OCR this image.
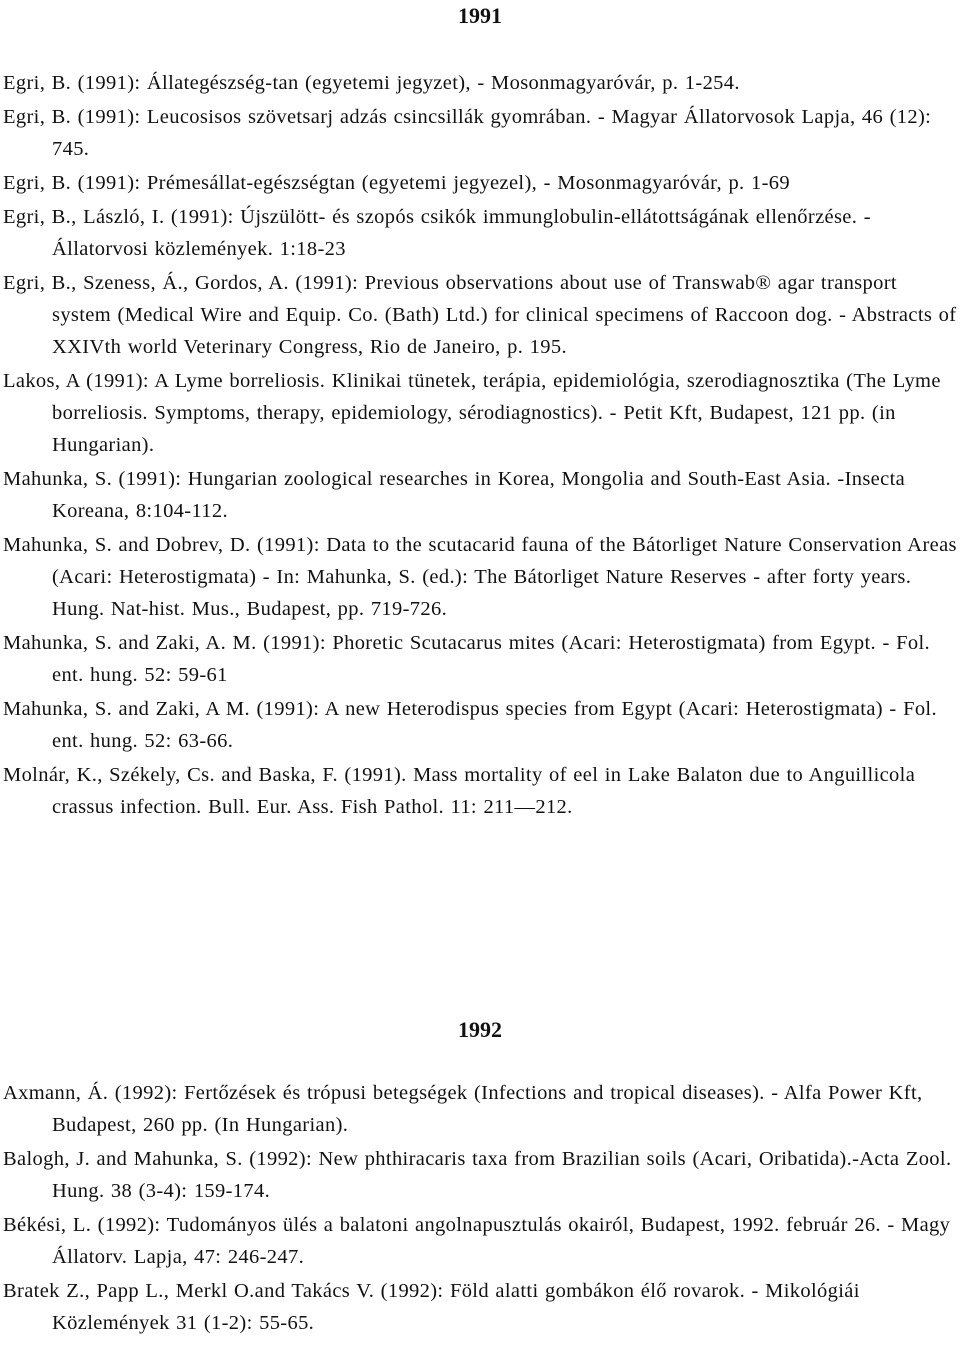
1991
Egri, B. (1991): Állategészség-tan (egyetemi jegyzet), - Mosonmagyaróvár, p. 1-254.
Egri, B. (1991): Leucosisos szövetsarj adzás csincsillák gyomrában. - Magyar Állatorvosok Lapja, 46 (12): 745.
Egri, B. (1991): Prémesállat-egészségtan (egyetemi jegyezel), - Mosonmagyaróvár, p. 1-69
Egri, B., László, I. (1991): Újszülött- és szopós csikók immunglobulin-ellátottságának ellenőrzése. - Állatorvosi közlemények. 1:18-23
Egri, B., Szeness, Á., Gordos, A. (1991): Previous observations about use of Transwab® agar transport system (Medical Wire and Equip. Co. (Bath) Ltd.) for clinical specimens of Raccoon dog. - Abstracts of XXIVth world Veterinary Congress, Rio de Janeiro, p. 195.
Lakos, A (1991): A Lyme borreliosis. Klinikai tünetek, terápia, epidemiológia, szerodiagnosztika (The Lyme borreliosis. Symptoms, therapy, epidemiology, sérodiagnostics). - Petit Kft, Budapest, 121 pp. (in Hungarian).
Mahunka, S. (1991): Hungarian zoological researches in Korea, Mongolia and South-East Asia. -Insecta Koreana, 8:104-112.
Mahunka, S. and Dobrev, D. (1991): Data to the scutacarid fauna of the Bátorliget Nature Conservation Areas (Acari: Heterostigmata) - In: Mahunka, S. (ed.): The Bátorliget Nature Reserves - after forty years. Hung. Nat-hist. Mus., Budapest, pp. 719-726.
Mahunka, S. and Zaki, A. M. (1991): Phoretic Scutacarus mites (Acari: Heterostigmata) from Egypt. - Fol. ent. hung. 52: 59-61
Mahunka, S. and Zaki, A M. (1991): A new Heterodispus species from Egypt (Acari: Heterostigmata) - Fol. ent. hung. 52: 63-66.
Molnár, K., Székely, Cs. and Baska, F. (1991). Mass mortality of eel in Lake Balaton due to Anguillicola crassus infection. Bull. Eur. Ass. Fish Pathol. 11: 211—212.
1992
Axmann, Á. (1992): Fertőzések és trópusi betegségek (Infections and tropical diseases). - Alfa Power Kft, Budapest, 260 pp. (In Hungarian).
Balogh, J. and Mahunka, S. (1992): New phthiracaris taxa from Brazilian soils (Acari, Oribatida).-Acta Zool. Hung. 38 (3-4): 159-174.
Békési, L. (1992): Tudományos ülés a balatoni angolnapusztulás okairól, Budapest, 1992. február 26. - Magy Állatorv. Lapja, 47: 246-247.
Bratek Z., Papp L., Merkl O.and Takács V. (1992): Föld alatti gombákon élő rovarok. - Mikológiái Közlemények 31 (1-2): 55-65.
